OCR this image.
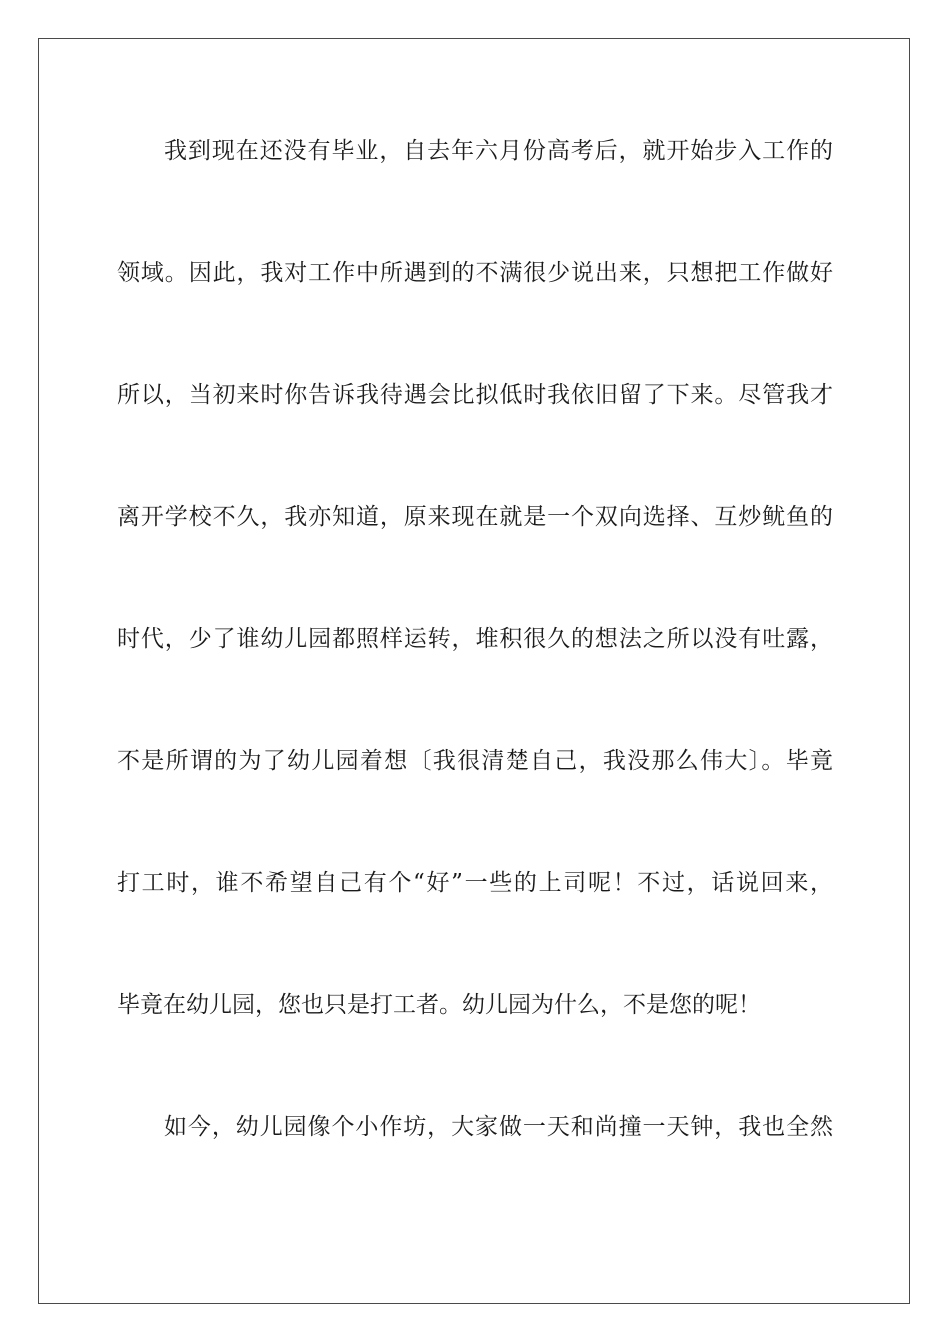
我到现在还没有毕业，自去年六月份高考后，就开始步入工作的
领域。因此，我对工作中所遇到的不满很少说出来，只想把工作做好
所以，当初来时你告诉我待遇会比拟低时我依旧留了下来。尽管我才
离开学校不久，我亦知道，原来现在就是一个双向选择、互炒鱿鱼的
时代，少了谁幼儿园都照样运转，堆积很久的想法之所以没有吐露，
不是所谓的为了幼儿园着想〔我很清楚自己，我没那么伟大〕。毕竟
打工时，谁不希望自己有个“好”一些的上司呢！不过，话说回来，
毕竟在幼儿园，您也只是打工者。幼儿园为什么，不是您的呢！
如今，幼儿园像个小作坊，大家做一天和尚撞一天钟，我也全然
